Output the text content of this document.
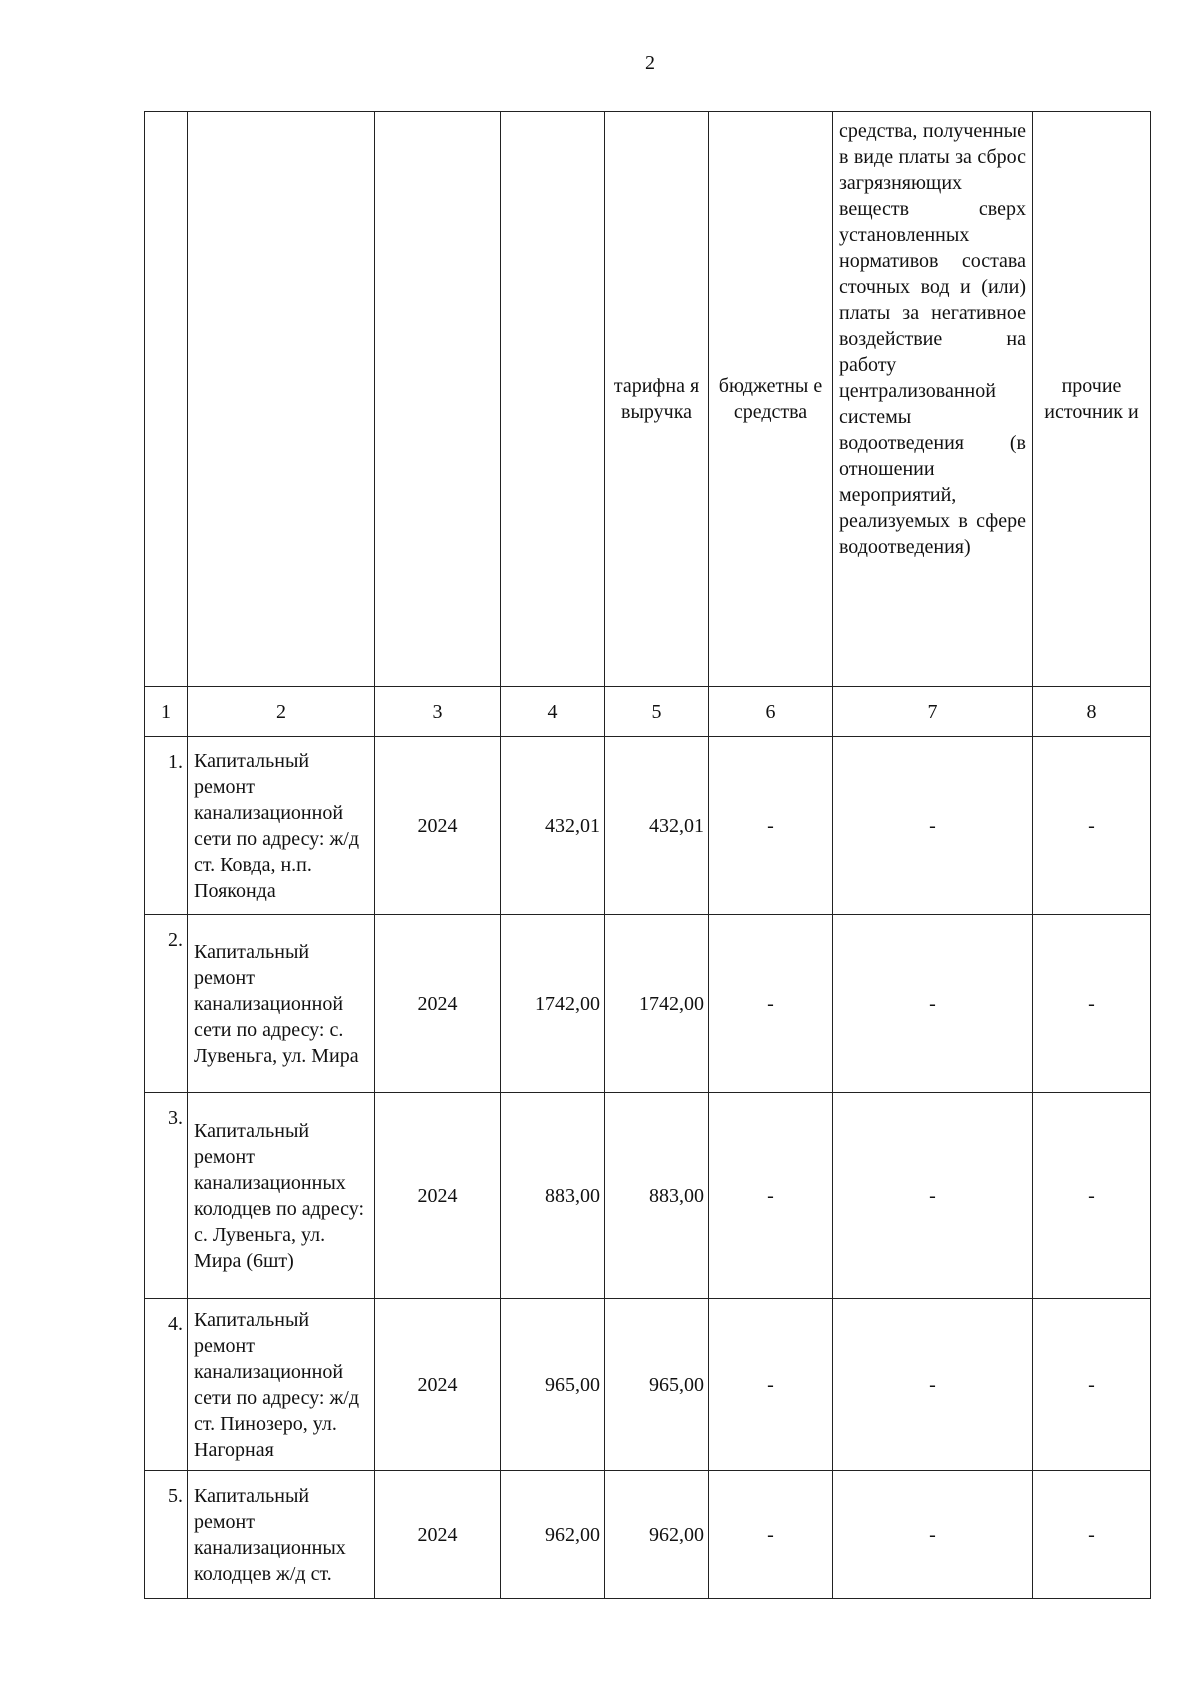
2
				тарифна я выручка	бюджетны е средства	средства, полученные в виде платы за сброс загрязняющих веществ сверх установленных нормативов состава сточных вод и (или) платы за негативное воздействие на работу централизованной системы водоотведения (в отношении мероприятий, реализуемых в сфере водоотведения)	прочие источник и
1	2	3	4	5	6	7	8
1.	Капитальный ремонт канализационной сети по адресу: ж/д ст. Ковда, н.п. Пояконда	2024	432,01	432,01	-	-	-
2.	Капитальный ремонт канализационной сети по адресу: с. Лувеньга, ул. Мира	2024	1742,00	1742,00	-	-	-
3.	Капитальный ремонт канализационных колодцев по адресу: с. Лувеньга, ул. Мира (6шт)	2024	883,00	883,00	-	-	-
4.	Капитальный ремонт канализационной сети по адресу: ж/д ст. Пинозеро, ул. Нагорная	2024	965,00	965,00	-	-	-
5.	Капитальный ремонт канализационных колодцев ж/д ст.	2024	962,00	962,00	-	-	-
